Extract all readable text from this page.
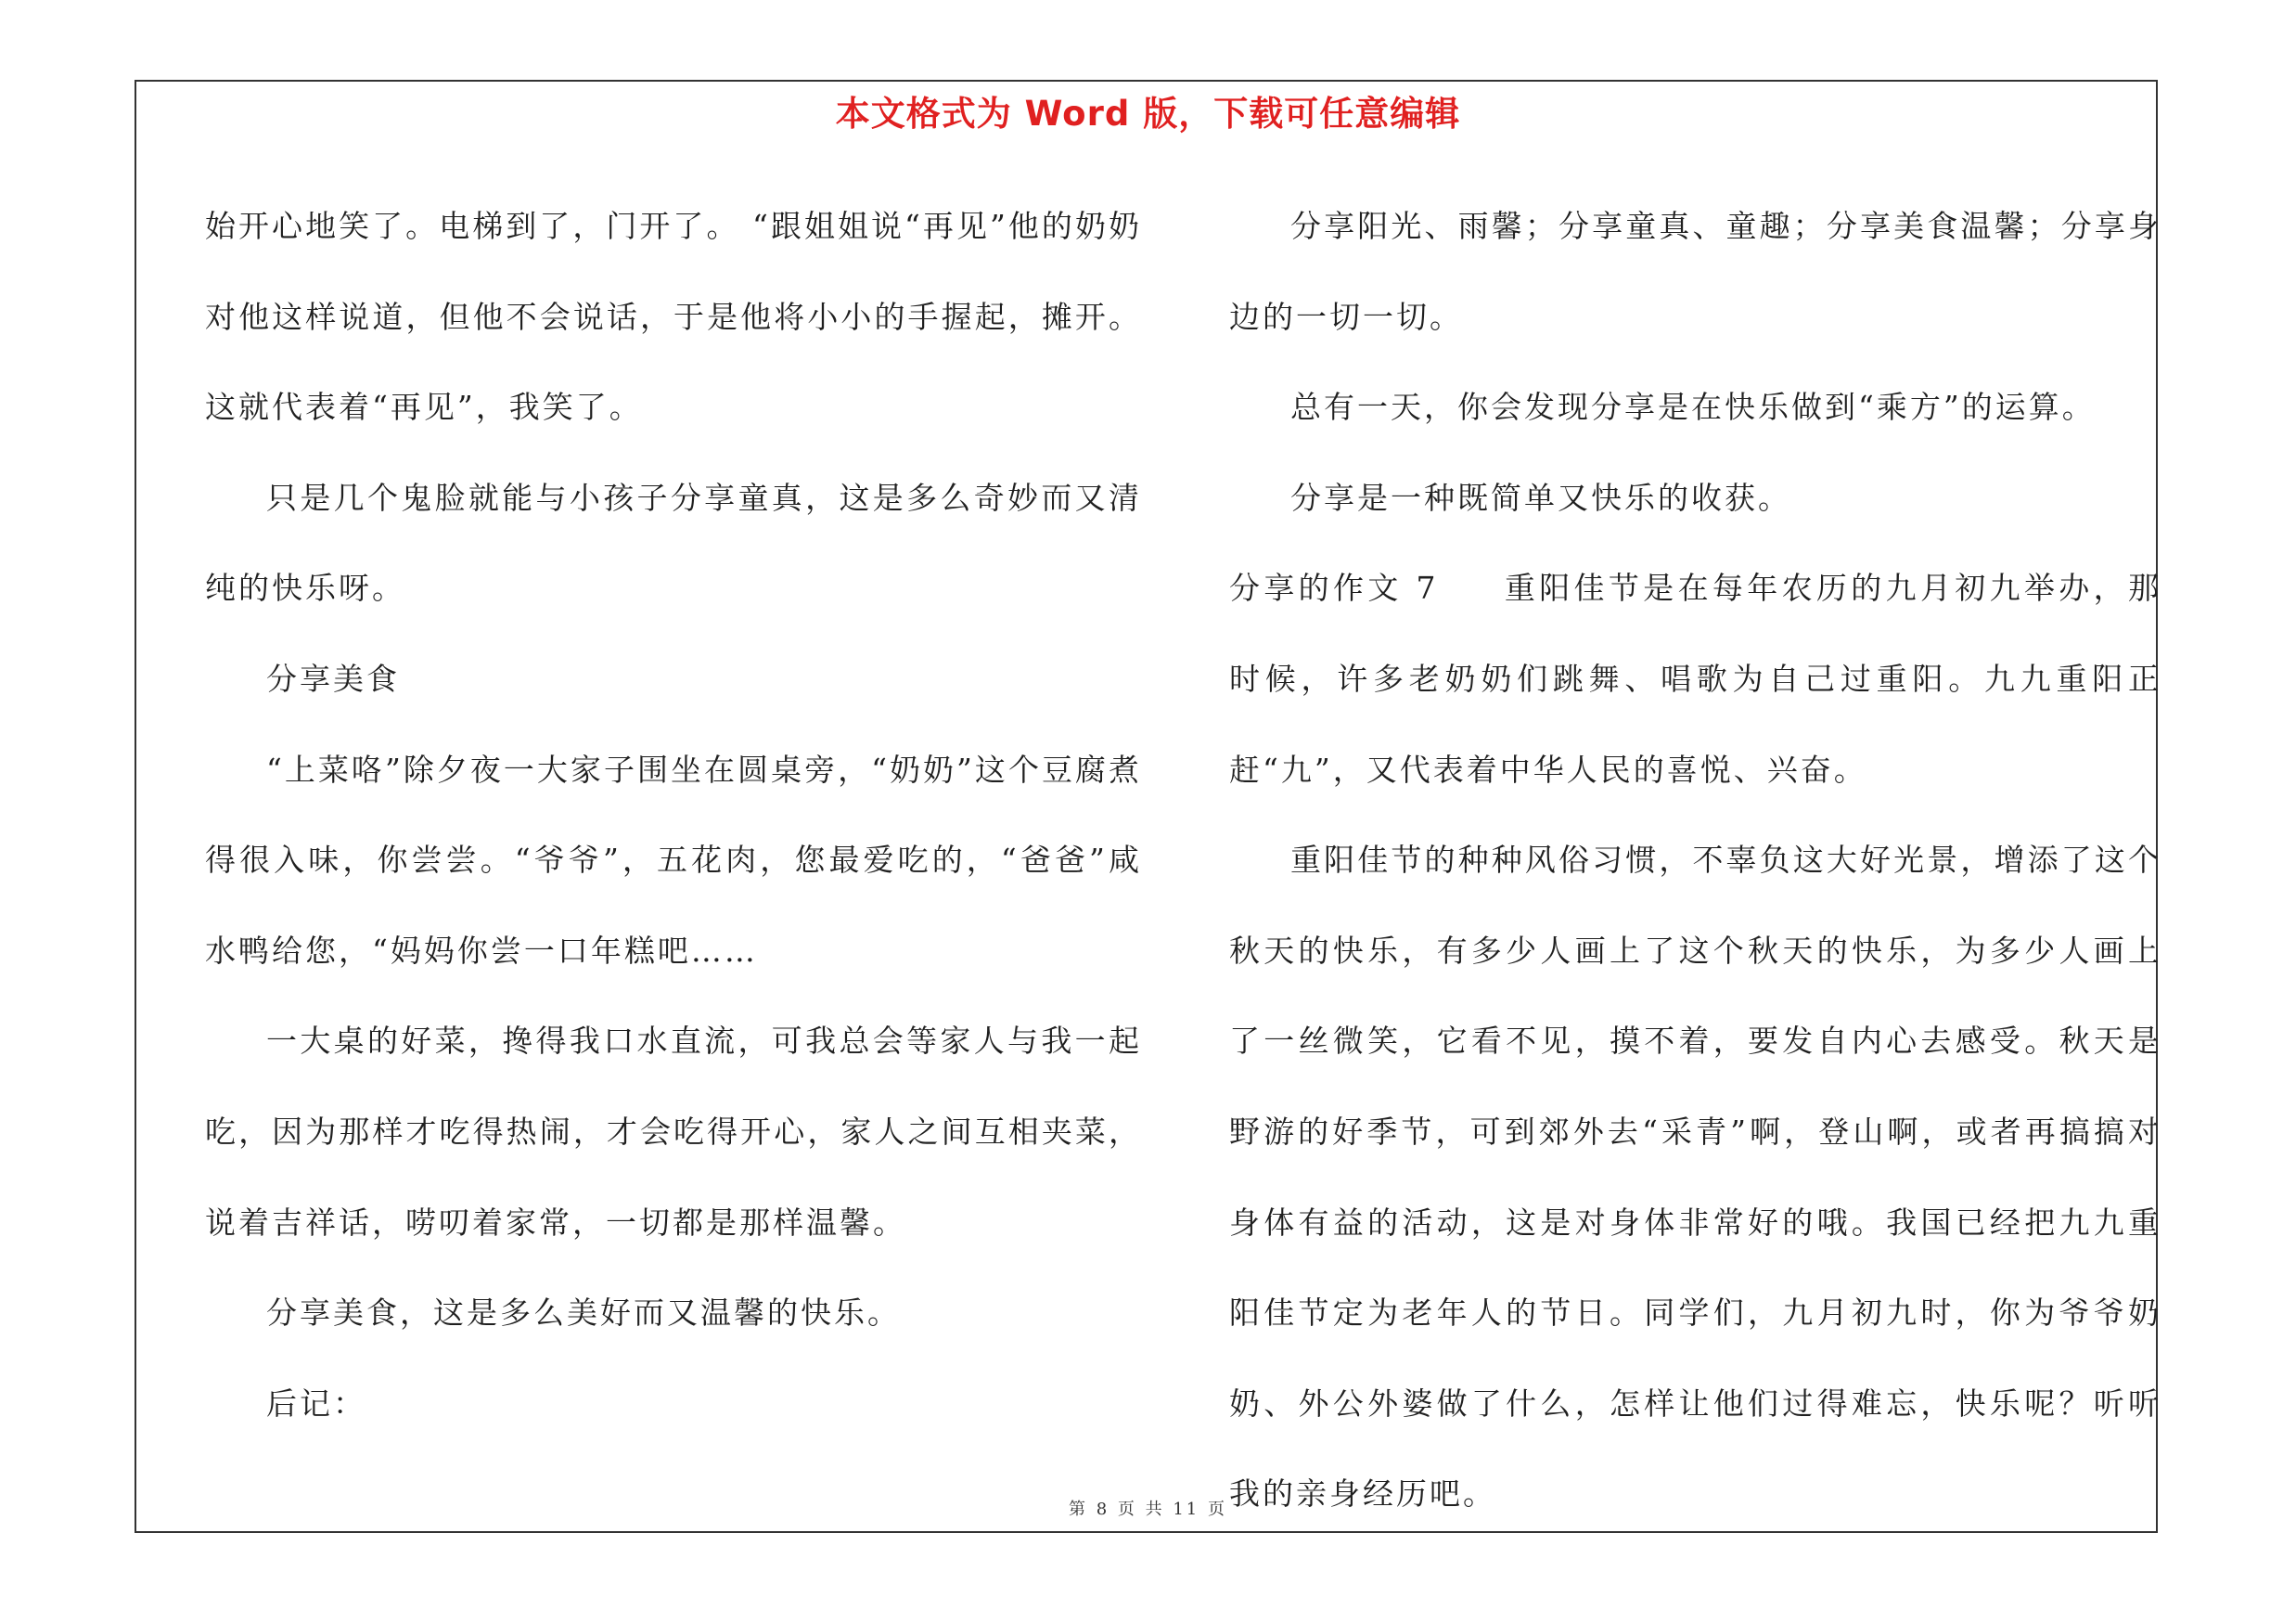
本文格式为 Word 版，下载可任意编辑

始开心地笑了。电梯到了，门开了。 “跟姐姐说“再见”他的奶奶对他这样说道，但他不会说话，于是他将小小的手握起，摊开。这就代表着“再见”，我笑了。

只是几个鬼脸就能与小孩子分享童真，这是多么奇妙而又清纯的快乐呀。

分享美食

“上菜咯”除夕夜一大家子围坐在圆桌旁，“奶奶”这个豆腐煮得很入味，你尝尝。“爷爷”，五花肉，您最爱吃的，“爸爸”咸水鸭给您，“妈妈你尝一口年糕吧……

一大桌的好菜，搀得我口水直流，可我总会等家人与我一起吃，因为那样才吃得热闹，才会吃得开心，家人之间互相夹菜，说着吉祥话，唠叨着家常，一切都是那样温馨。

分享美食，这是多么美好而又温馨的快乐。

后记：

分享阳光、雨馨；分享童真、童趣；分享美食温馨；分享身边的一切一切。

总有一天，你会发现分享是在快乐做到“乘方”的运算。

分享是一种既简单又快乐的收获。

分享的作文 7 重阳佳节是在每年农历的九月初九举办，那时候，许多老奶奶们跳舞、唱歌为自己过重阳。九九重阳正赶“九”，又代表着中华人民的喜悦、兴奋。

重阳佳节的种种风俗习惯，不辜负这大好光景，增添了这个秋天的快乐，有多少人画上了这个秋天的快乐，为多少人画上了一丝微笑，它看不见，摸不着，要发自内心去感受。秋天是野游的好季节，可到郊外去“采青”啊，登山啊，或者再搞搞对身体有益的活动，这是对身体非常好的哦。我国已经把九九重阳佳节定为老年人的节日。同学们，九月初九时，你为爷爷奶奶、外公外婆做了什么，怎样让他们过得难忘，快乐呢？听听我的亲身经历吧。

第 8 页 共 11 页
